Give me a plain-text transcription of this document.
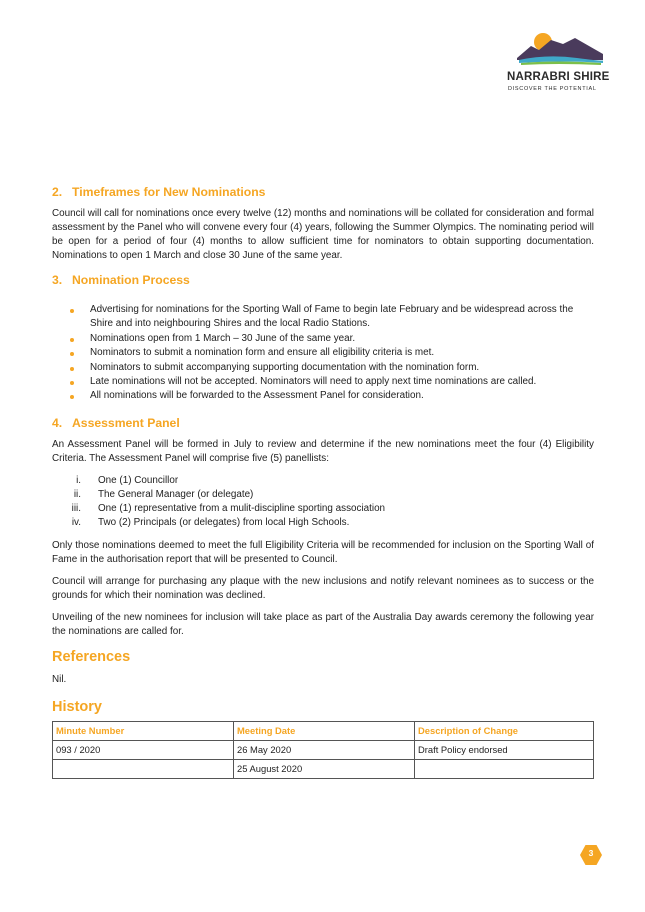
NARRABRI SHIRE
DISCOVER THE POTENTIAL
2. Timeframes for New Nominations

Council will call for nominations once every twelve (12) months and nominations will be collated for consideration and formal assessment by the Panel who will convene every four (4) years, following the Summer Olympics. The nominating period will be open for a period of four (4) months to allow sufficient time for nominators to obtain supporting documentation. Nominations to open 1 March and close 30 June of the same year.

3. Nomination Process
Advertising for nominations for the Sporting Wall of Fame to begin late February and be widespread across the Shire and into neighbouring Shires and the local Radio Stations.
Nominations open from 1 March – 30 June of the same year.
Nominators to submit a nomination form and ensure all eligibility criteria is met.
Nominators to submit accompanying supporting documentation with the nomination form.
Late nominations will not be accepted. Nominators will need to apply next time nominations are called.
All nominations will be forwarded to the Assessment Panel for consideration.
4. Assessment Panel

An Assessment Panel will be formed in July to review and determine if the new nominations meet the four (4) Eligibility Criteria. The Assessment Panel will comprise five (5) panellists:

i. One (1) Councillor
ii. The General Manager (or delegate)
iii. One (1) representative from a mulit-discipline sporting association
iv. Two (2) Principals (or delegates) from local High Schools.

Only those nominations deemed to meet the full Eligibility Criteria will be recommended for inclusion on the Sporting Wall of Fame in the authorisation report that will be presented to Council.

Council will arrange for purchasing any plaque with the new inclusions and notify relevant nominees as to success or the grounds for which their nomination was declined.

Unveiling of the new nominees for inclusion will take place as part of the Australia Day awards ceremony the following year the nominations are called for.

References

Nil.

History
Minute Number	Meeting Date	Description of Change
093 / 2020	26 May 2020	Draft Policy endorsed
	25 August 2020	
3
